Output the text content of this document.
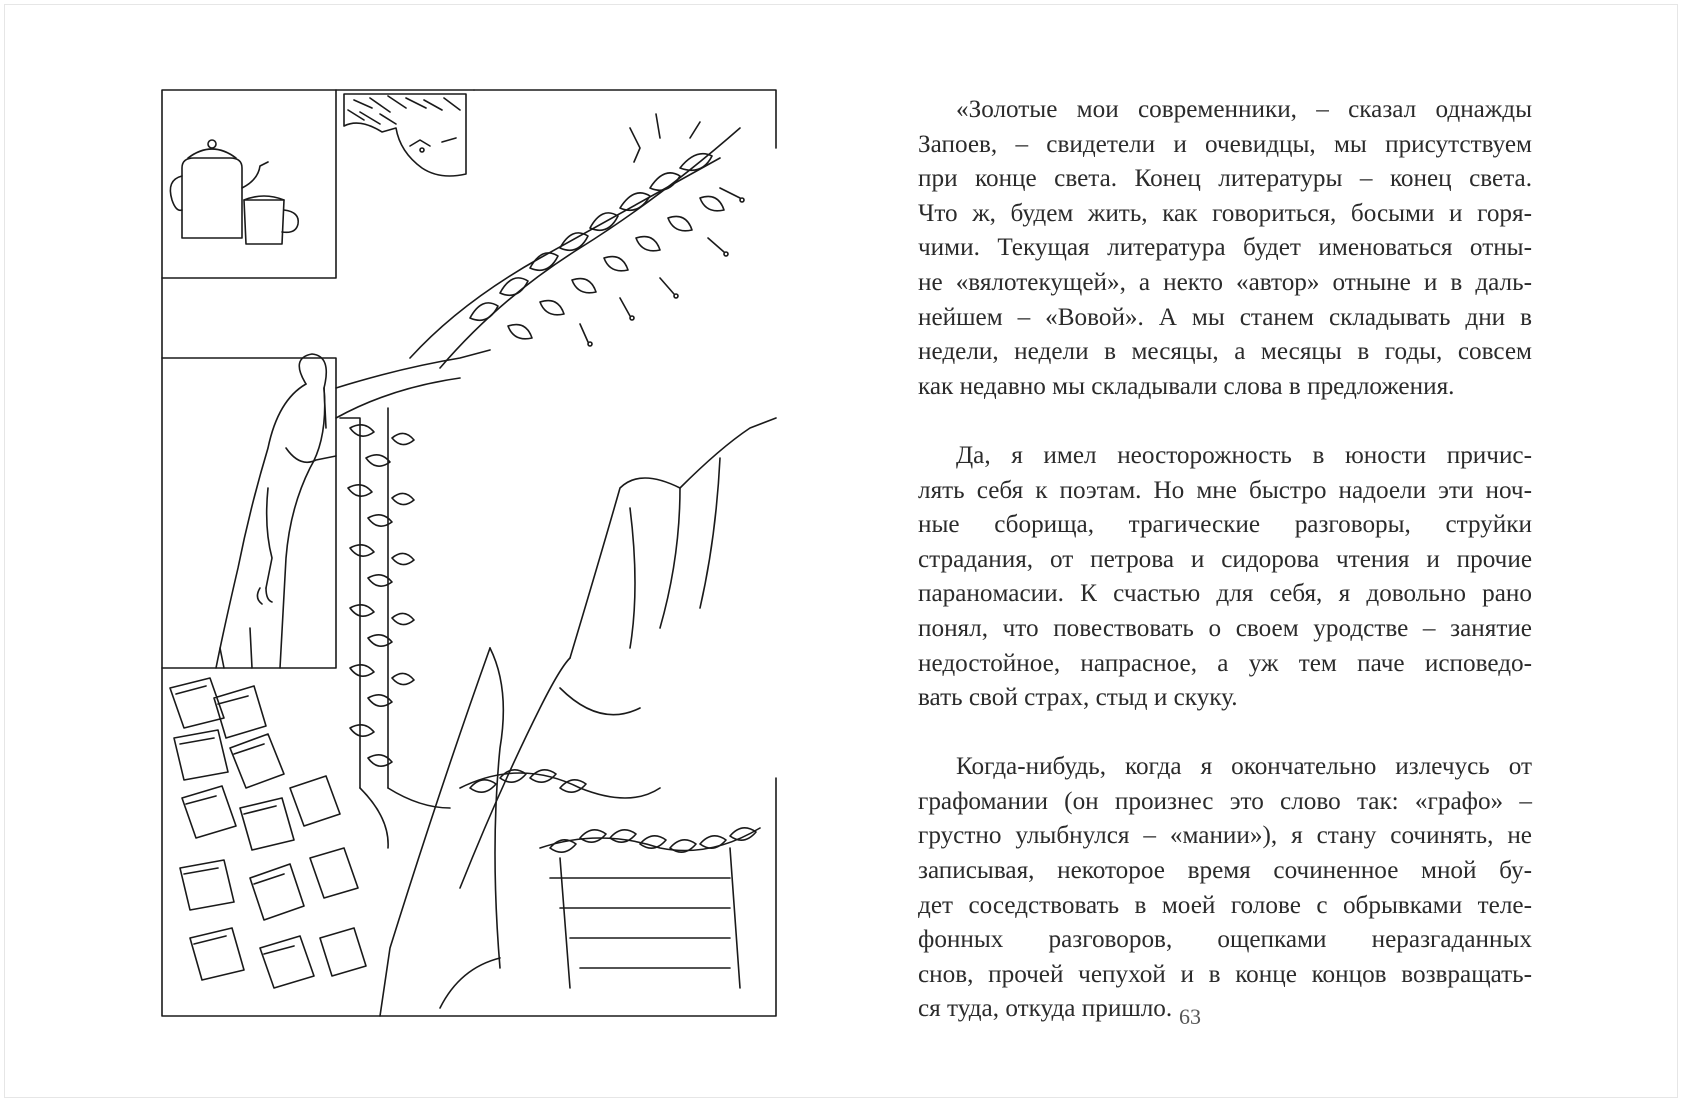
«Золотые мои современники, – сказал однажды
Запоев, – свидетели и очевидцы, мы присутствуем
при конце света. Конец литературы – конец света.
Что ж, будем жить, как говориться, босыми и горя-
чими. Текущая литература будет именоваться отны-
не «вялотекущей», а некто «автор» отныне и в даль-
нейшем – «Вовой». А мы станем складывать дни в
недели, недели в месяцы, а месяцы в годы, совсем
как недавно мы складывали слова в предложения.
Да, я имел неосторожность в юности причис-
лять себя к поэтам. Но мне быстро надоели эти ноч-
ные сборища, трагические разговоры, струйки
страдания, от петрова и сидорова чтения и прочие
паранoмасии. К счастью для себя, я довольно рано
понял, что повествовать о своем уродстве – занятие
недостойное, напрасное, а уж тем паче исповедо-
вать свой страх, стыд и скуку.
Когда-нибудь, когда я окончательно излечусь от
графомании (он произнес это слово так: «графо» –
грустно улыбнулся – «мании»), я стану сочинять, не
записывая, некоторое время сочиненное мной бу-
дет соседствовать в моей голове с обрывками теле-
фонных разговоров, ощепками неразгаданных
снов, прочей чепухой и в конце концов возвращать-
ся туда, откуда пришло. 63
